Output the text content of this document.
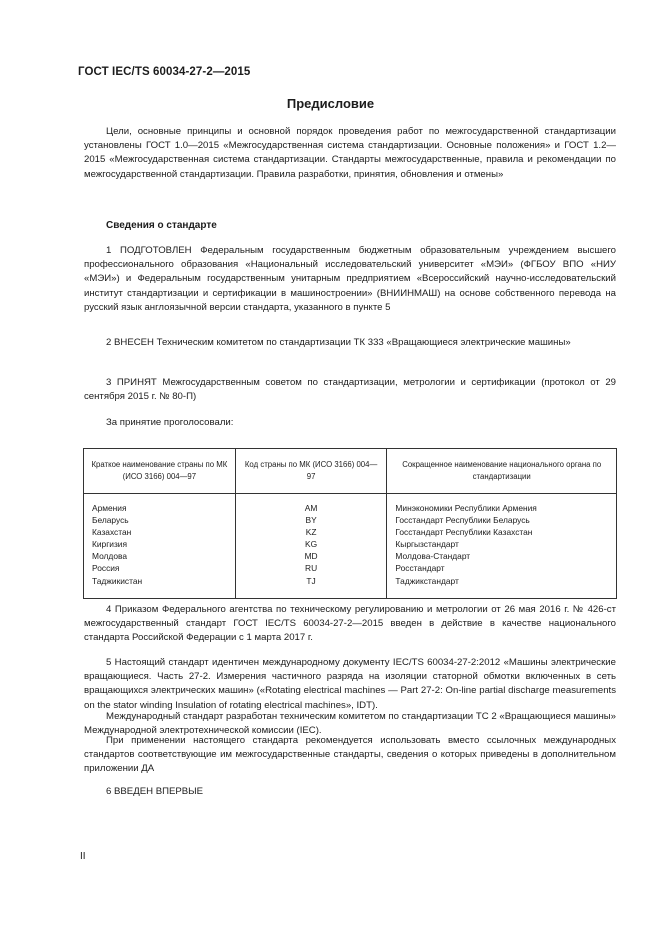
ГОСТ IEC/TS 60034-27-2—2015
Предисловие
Цели, основные принципы и основной порядок проведения работ по межгосударственной стандартизации установлены ГОСТ 1.0—2015 «Межгосударственная система стандартизации. Основные положения» и ГОСТ 1.2—2015 «Межгосударственная система стандартизации. Стандарты межгосударственные, правила и рекомендации по межгосударственной стандартизации. Правила разработки, принятия, обновления и отмены»
Сведения о стандарте
1 ПОДГОТОВЛЕН Федеральным государственным бюджетным образовательным учреждением высшего профессионального образования «Национальный исследовательский университет «МЭИ» (ФГБОУ ВПО «НИУ «МЭИ») и Федеральным государственным унитарным предприятием «Всероссийский научно-исследовательский институт стандартизации и сертификации в машиностроении» (ВНИИНМАШ) на основе собственного перевода на русский язык англоязычной версии стандарта, указанного в пункте 5
2 ВНЕСЕН Техническим комитетом по стандартизации ТК 333 «Вращающиеся электрические машины»
3 ПРИНЯТ Межгосударственным советом по стандартизации, метрологии и сертификации (протокол от 29 сентября 2015 г. № 80-П)
За принятие проголосовали:
Краткое наименование страны по МК (ИСО 3166) 004—97	Код страны по МК (ИСО 3166) 004—97	Сокращенное наименование национального органа по стандартизации
Армения	AM	Минэкономики Республики Армения
Беларусь	BY	Госстандарт Республики Беларусь
Казахстан	KZ	Госстандарт Республики Казахстан
Киргизия	KG	Кыргызстандарт
Молдова	MD	Молдова-Стандарт
Россия	RU	Росстандарт
Таджикистан	TJ	Таджикстандарт
4 Приказом Федерального агентства по техническому регулированию и метрологии от 26 мая 2016 г. № 426-ст межгосударственный стандарт ГОСТ IEC/TS 60034-27-2—2015 введен в действие в качестве национального стандарта Российской Федерации с 1 марта 2017 г.
5 Настоящий стандарт идентичен международному документу IEC/TS 60034-27-2:2012 «Машины электрические вращающиеся. Часть 27-2. Измерения частичного разряда на изоляции статорной обмотки включенных в сеть вращающихся электрических машин» («Rotating electrical machines — Part 27-2: On-line partial discharge measurements on the stator winding Insulation of rotating electrical machines», IDT).
Международный стандарт разработан техническим комитетом по стандартизации ТС 2 «Вращающиеся машины» Международной электротехнической комиссии (IEC).
При применении настоящего стандарта рекомендуется использовать вместо ссылочных международных стандартов соответствующие им межгосударственные стандарты, сведения о которых приведены в дополнительном приложении ДА
6 ВВЕДЕН ВПЕРВЫЕ
II
